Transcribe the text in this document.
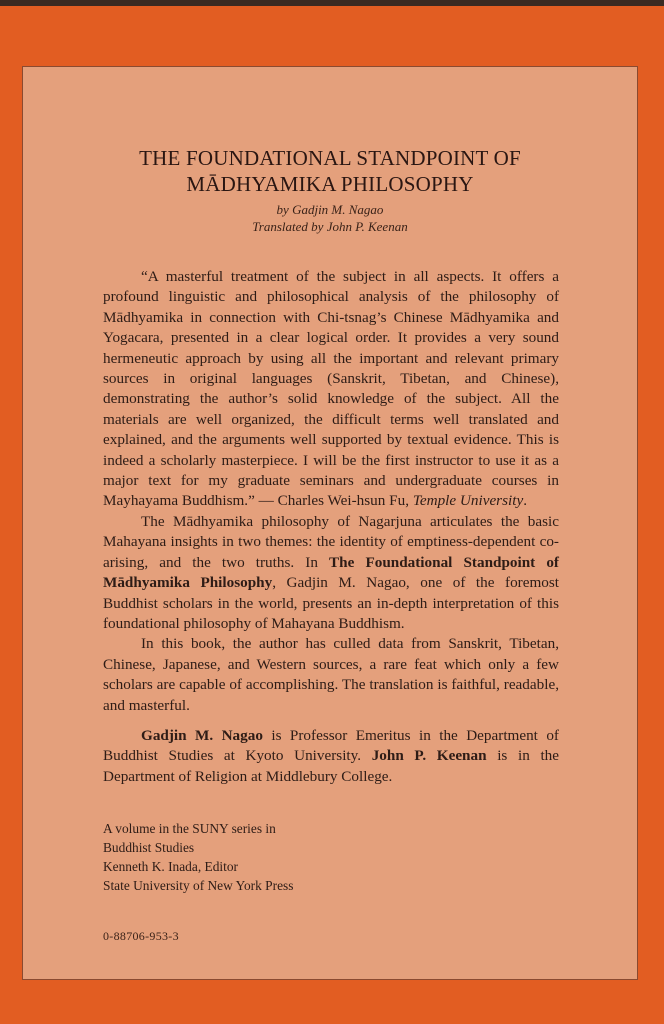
THE FOUNDATIONAL STANDPOINT OF
MĀDHYAMIKA PHILOSOPHY
by Gadjin M. Nagao
Translated by John P. Keenan

“A masterful treatment of the subject in all aspects. It offers a profound linguistic and philosophical analysis of the philosophy of Mādhyamika in connection with Chi-tsnag’s Chinese Mādhyamika and Yogacara, presented in a clear logical order. It provides a very sound hermeneutic approach by using all the important and relevant primary sources in original languages (Sanskrit, Tibetan, and Chinese), demonstrating the author’s solid knowledge of the subject. All the materials are well organized, the difficult terms well translated and explained, and the arguments well supported by textual evidence. This is indeed a scholarly masterpiece. I will be the first instructor to use it as a major text for my graduate seminars and undergraduate courses in Mayhayama Buddhism.” — Charles Wei-hsun Fu, Temple University.

The Mādhyamika philosophy of Nagarjuna articulates the basic Mahayana insights in two themes: the identity of emptiness-dependent co-arising, and the two truths. In The Foundational Standpoint of Mādhyamika Philosophy, Gadjin M. Nagao, one of the foremost Buddhist scholars in the world, presents an in-depth interpretation of this foundational philosophy of Mahayana Buddhism.

In this book, the author has culled data from Sanskrit, Tibetan, Chinese, Japanese, and Western sources, a rare feat which only a few scholars are capable of accomplishing. The translation is faithful, readable, and masterful.

Gadjin M. Nagao is Professor Emeritus in the Department of Buddhist Studies at Kyoto University. John P. Keenan is in the Department of Religion at Middlebury College.

A volume in the SUNY series in
Buddhist Studies
Kenneth K. Inada, Editor
State University of New York Press
0-88706-953-3
